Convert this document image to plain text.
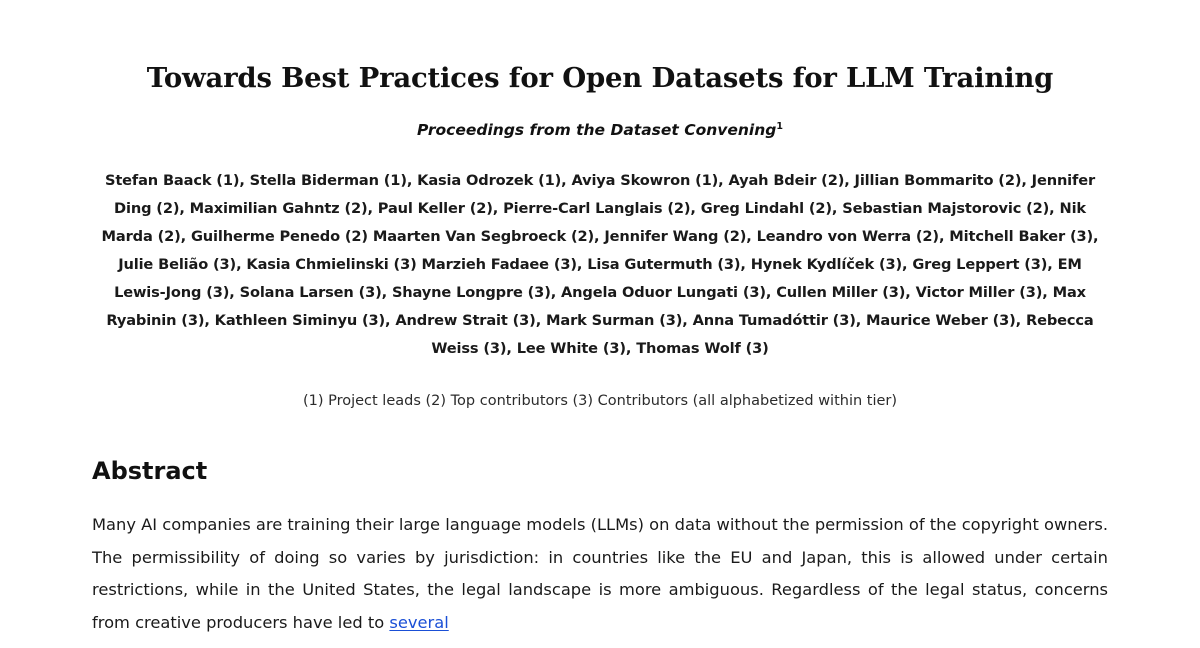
Towards Best Practices for Open Datasets for LLM Training
Proceedings from the Dataset Convening$^1$
Stefan Baack (1), Stella Biderman (1), Kasia Odrozek (1), Aviya Skowron (1), Ayah Bdeir (2), Jillian Bommarito (2), Jennifer Ding (2), Maximilian Gahntz (2), Paul Keller (2), Pierre-Carl Langlais (2), Greg Lindahl (2), Sebastian Majstorovic (2), Nik Marda (2), Guilherme Penedo (2) Maarten Van Segbroeck (2), Jennifer Wang (2), Leandro von Werra (2), Mitchell Baker (3), Julie Belião (3), Kasia Chmielinski (3) Marzieh Fadaee (3), Lisa Gutermuth (3), Hynek Kydlíček (3), Greg Leppert (3), EM Lewis-Jong (3), Solana Larsen (3), Shayne Longpre (3), Angela Oduor Lungati (3), Cullen Miller (3), Victor Miller (3), Max Ryabinin (3), Kathleen Siminyu (3), Andrew Strait (3), Mark Surman (3), Anna Tumadóttir (3), Maurice Weber (3), Rebecca Weiss (3), Lee White (3), Thomas Wolf (3)
(1) Project leads (2) Top contributors (3) Contributors (all alphabetized within tier)
Abstract

Many AI companies are training their large language models (LLMs) on data without the permission of the copyright owners. The permissibility of doing so varies by jurisdiction: in countries like the EU and Japan, this is allowed under certain restrictions, while in the United States, the legal landscape is more ambiguous. Regardless of the legal status, concerns from creative producers have led to several
